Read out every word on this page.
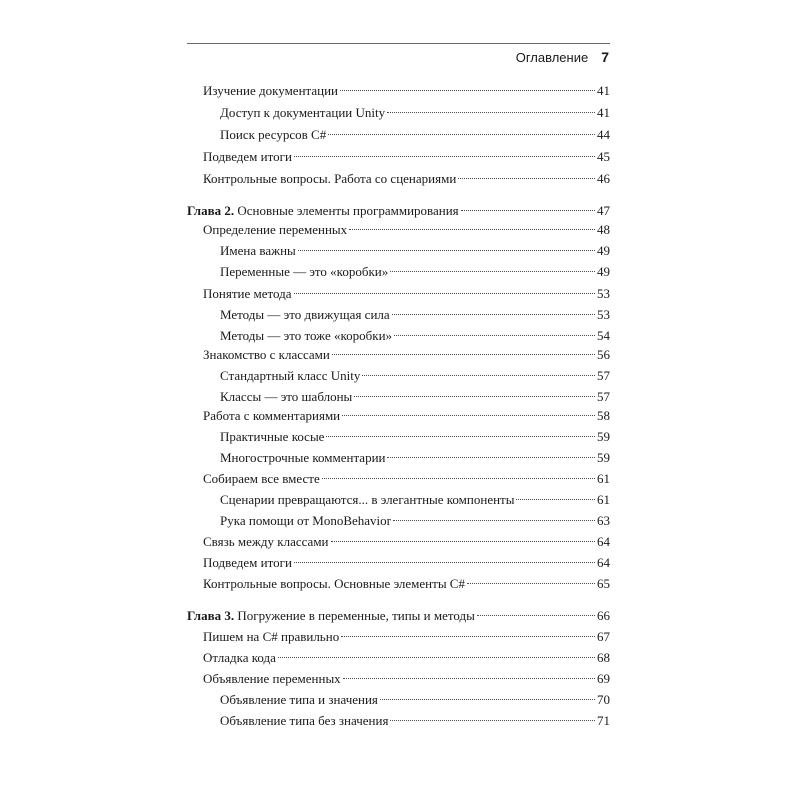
Оглавление 7
Изучение документации	41
Доступ к документации Unity	41
Поиск ресурсов C#	44
Подведем итоги	45
Контрольные вопросы. Работа со сценариями	46
Глава 2. Основные элементы программирования	47
Определение переменных	48
Имена важны	49
Переменные — это «коробки»	49
Понятие метода	53
Методы — это движущая сила	53
Методы — это тоже «коробки»	54
Знакомство с классами	56
Стандартный класс Unity	57
Классы — это шаблоны	57
Работа с комментариями	58
Практичные косые	59
Многострочные комментарии	59
Собираем все вместе	61
Сценарии превращаются... в элегантные компоненты	61
Рука помощи от MonoBehavior	63
Связь между классами	64
Подведем итоги	64
Контрольные вопросы. Основные элементы C#	65
Глава 3. Погружение в переменные, типы и методы	66
Пишем на C# правильно	67
Отладка кода	68
Объявление переменных	69
Объявление типа и значения	70
Объявление типа без значения	71
